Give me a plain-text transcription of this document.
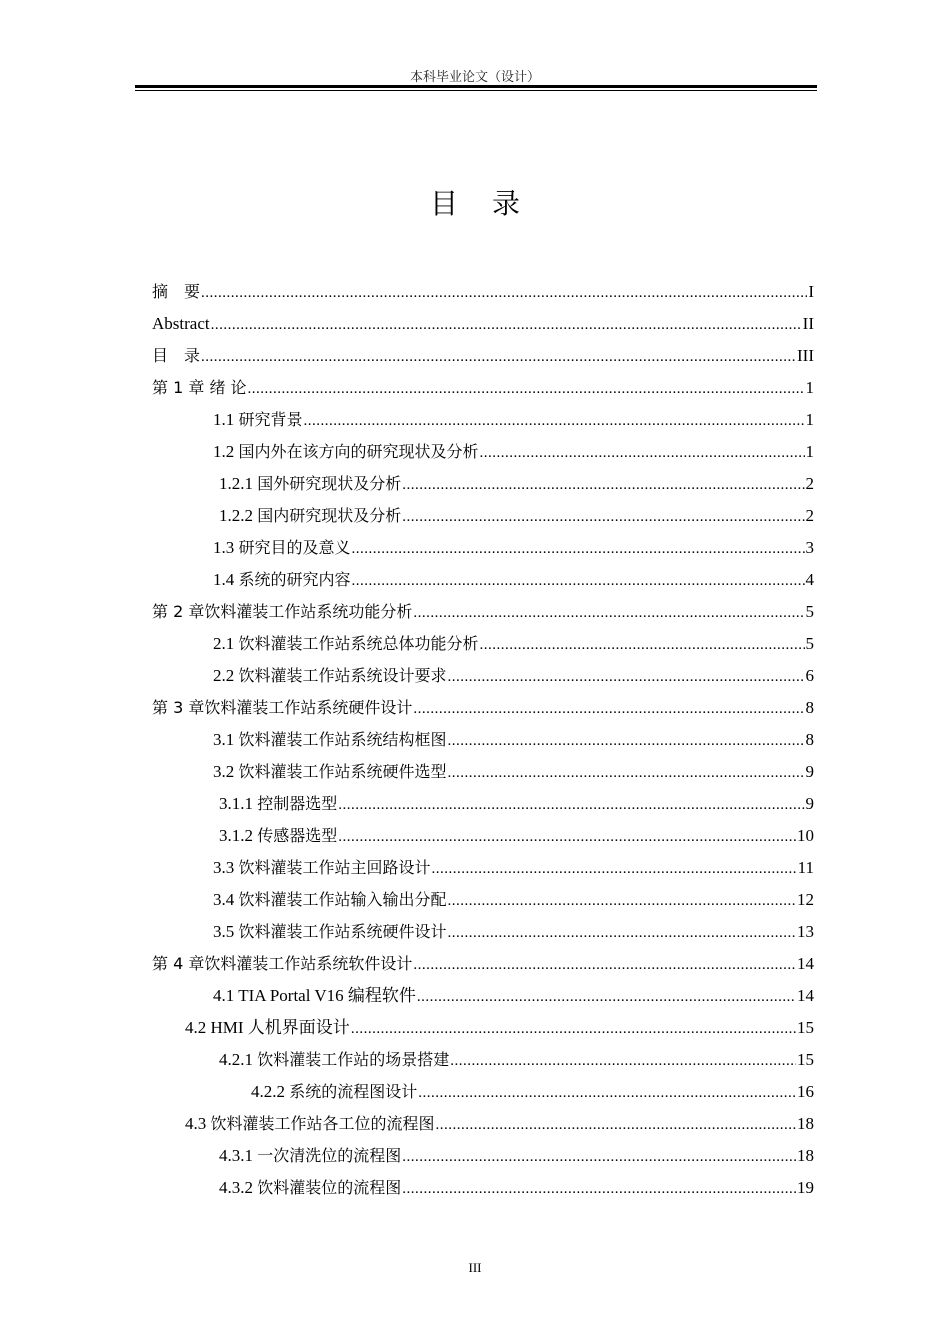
本科毕业论文（设计）
目录
摘　要 .....	I
Abstract .....	II
目　录 .....	III
第 1 章 绪 论 .....	1
1.1 研究背景 .....	1
1.2 国内外在该方向的研究现状及分析 .....	1
1.2.1 国外研究现状及分析 .....	2
1.2.2 国内研究现状及分析 .....	2
1.3 研究目的及意义 .....	3
1.4 系统的研究内容 .....	4
第 2 章饮料灌装工作站系统功能分析 .....	5
2.1 饮料灌装工作站系统总体功能分析 .....	5
2.2 饮料灌装工作站系统设计要求 .....	6
第 3 章饮料灌装工作站系统硬件设计 .....	8
3.1 饮料灌装工作站系统结构框图 .....	8
3.2 饮料灌装工作站系统硬件选型 .....	9
3.1.1 控制器选型 .....	9
3.1.2 传感器选型 .....	10
3.3 饮料灌装工作站主回路设计 .....	11
3.4 饮料灌装工作站输入输出分配 .....	12
3.5 饮料灌装工作站系统硬件设计 .....	13
第 4 章饮料灌装工作站系统软件设计 .....	14
4.1 TIA Portal V16 编程软件 .....	14
4.2 HMI 人机界面设计 .....	15
4.2.1 饮料灌装工作站的场景搭建 .....	15
4.2.2 系统的流程图设计 .....	16
4.3 饮料灌装工作站各工位的流程图 .....	18
4.3.1 一次清洗位的流程图 .....	18
4.3.2 饮料灌装位的流程图 .....	19
III
